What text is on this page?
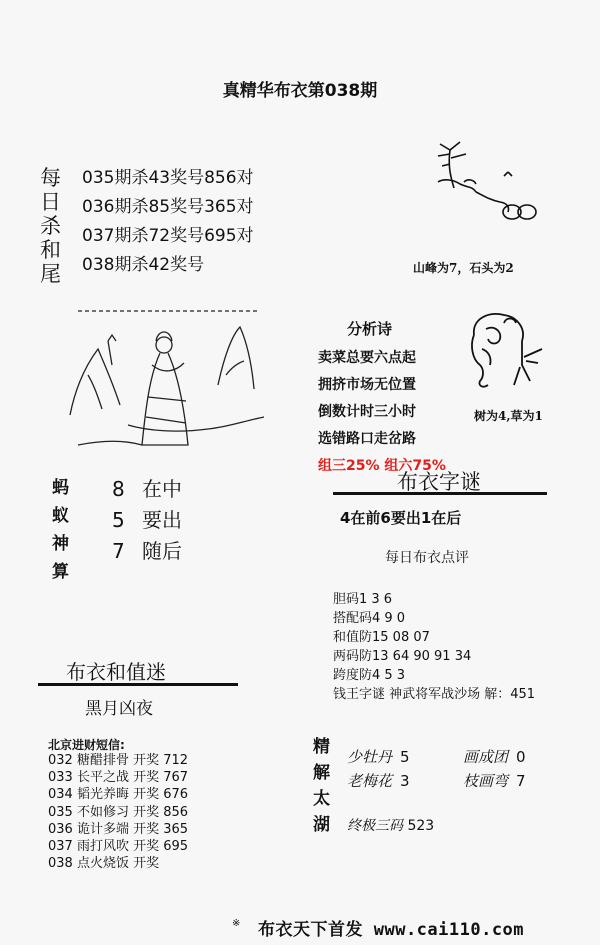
真精华布衣第038期
每
日
杀
和
尾
035期杀43奖号856对
036期杀85奖号365对
037期杀72奖号695对
038期杀42奖号	山峰为7，石头为2
分析诗
卖菜总要六点起
拥挤市场无位置
倒数计时三小时
选错路口走岔路
组三25% 组六75%
树为4,草为1
蚂
蚁
神
算
8 在中
5 要出
7 随后
布衣字谜
4在前6要出1在后
每日布衣点评
胆码1 3 6
搭配码4 9 0
和值防15 08 07
两码防13 64 90 91 34
跨度防4 5 3
钱王字谜 神武将军战沙场 解：451
布衣和值迷
黑月凶夜
北京进财短信:
032 糖醋排骨 开奖 712
033 长平之战 开奖 767
034 韬光养晦 开奖 676
035 不如修习 开奖 856
036 诡计多端 开奖 365
037 雨打风吹 开奖 695
038 点火烧饭 开奖
精
解
太
湖
少牡丹 5
老梅花 3
画成团 0
枝画弯 7
终极三码 523
※ 布衣天下首发 www.cai110.com
